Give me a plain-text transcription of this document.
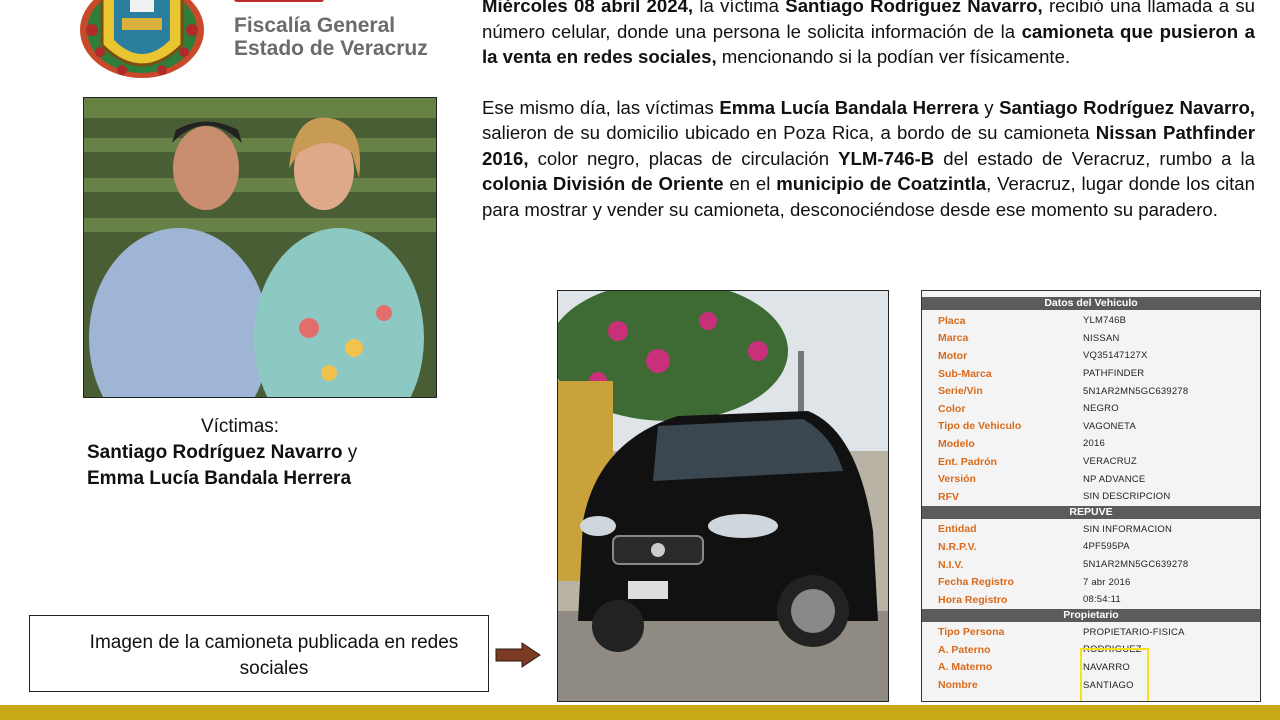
Fiscalía General
Estado de Veracruz
Víctimas:
Santiago Rodríguez Navarro y
Emma Lucía Bandala Herrera

Miércoles 08 abril 2024, la víctima Santiago Rodríguez Navarro, recibió una llamada a su número celular, donde una persona le solicita información de la camioneta que pusieron a la venta en redes sociales, mencionando si la podían ver físicamente.

Ese mismo día, las víctimas Emma Lucía Bandala Herrera y Santiago Rodríguez Navarro, salieron de su domicilio ubicado en Poza Rica, a bordo de su camioneta Nissan Pathfinder 2016, color negro, placas de circulación YLM-746-B del estado de Veracruz, rumbo a la colonia División de Oriente en el municipio de Coatzintla, Veracruz, lugar donde los citan para mostrar y vender su camioneta, desconociéndose desde ese momento su paradero.

Datos del Vehiculo
Placa	YLM746B
Marca	NISSAN
Motor	VQ35147127X
Sub-Marca	PATHFINDER
Serie/Vin	5N1AR2MN5GC639278
Color	NEGRO
Tipo de Vehiculo	VAGONETA
Modelo	2016
Ent. Padrón	VERACRUZ
Versión	NP ADVANCE
RFV	SIN DESCRIPCION
REPUVE
Entidad	SIN INFORMACION
N.R.P.V.	4PF595PA
N.I.V.	5N1AR2MN5GC639278
Fecha Registro	7 abr 2016
Hora Registro	08:54:11
Propietario
Tipo Persona	PROPIETARIO-FISICA
A. Paterno	RODRIGUEZ
A. Materno	NAVARRO
Nombre	SANTIAGO
Imagen de la camioneta publicada en redes sociales
